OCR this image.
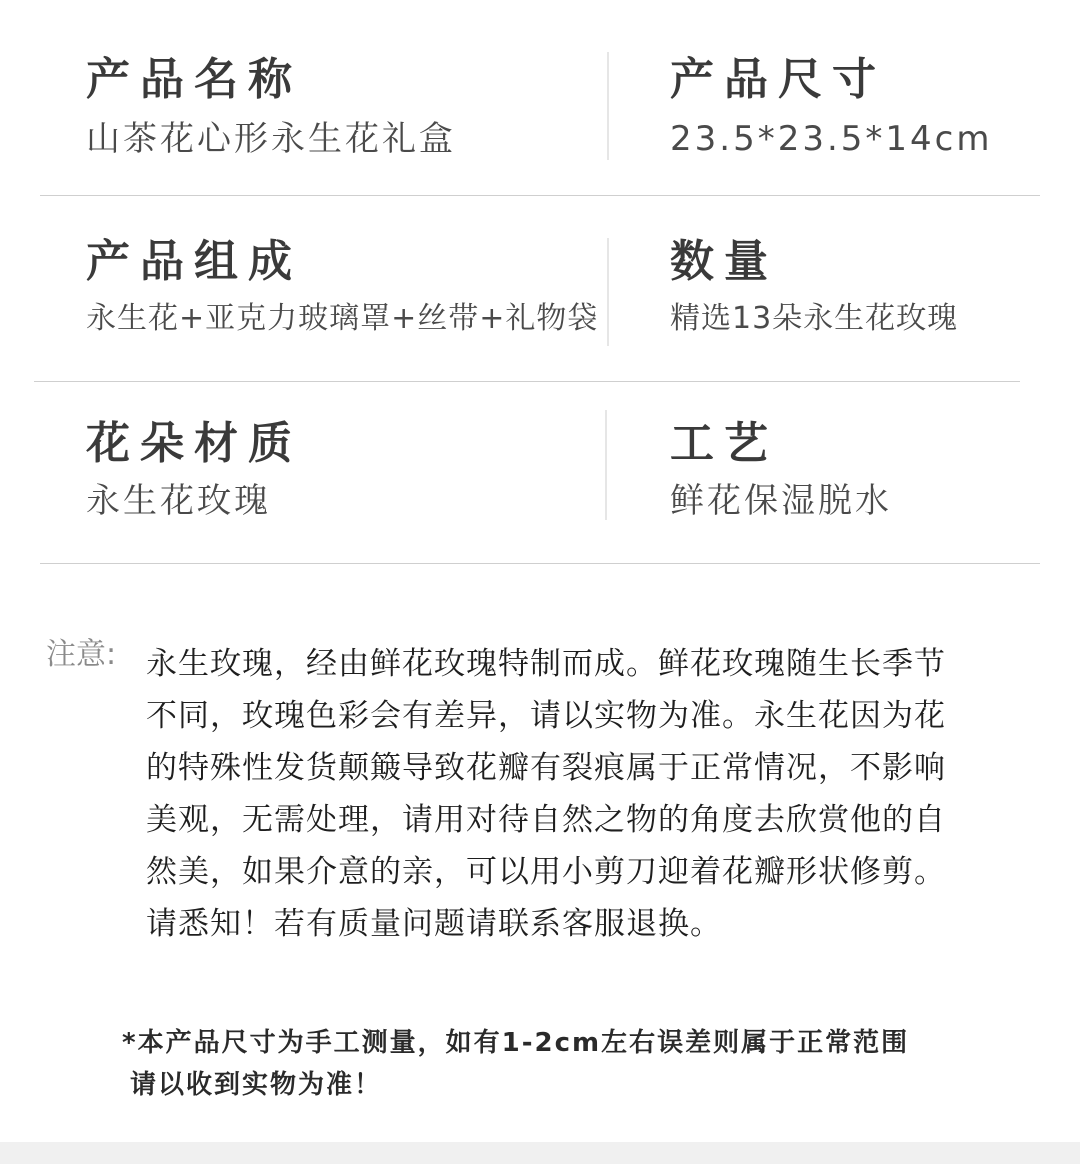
产品名称
山茶花心形永生花礼盒
产品尺寸
23.5*23.5*14cm
产品组成
永生花+亚克力玻璃罩+丝带+礼物袋
数量
精选13朵永生花玫瑰
花朵材质
永生花玫瑰
工艺
鲜花保湿脱水
注意: 永生玫瑰，经由鲜花玫瑰特制而成。鲜花玫瑰随生长季节
不同，玫瑰色彩会有差异，请以实物为准。永生花因为花
的特殊性发货颠簸导致花瓣有裂痕属于正常情况，不影响
美观，无需处理，请用对待自然之物的角度去欣赏他的自
然美，如果介意的亲，可以用小剪刀迎着花瓣形状修剪。
请悉知！若有质量问题请联系客服退换。
*本产品尺寸为手工测量，如有1-2cm左右误差则属于正常范围
请以收到实物为准！
